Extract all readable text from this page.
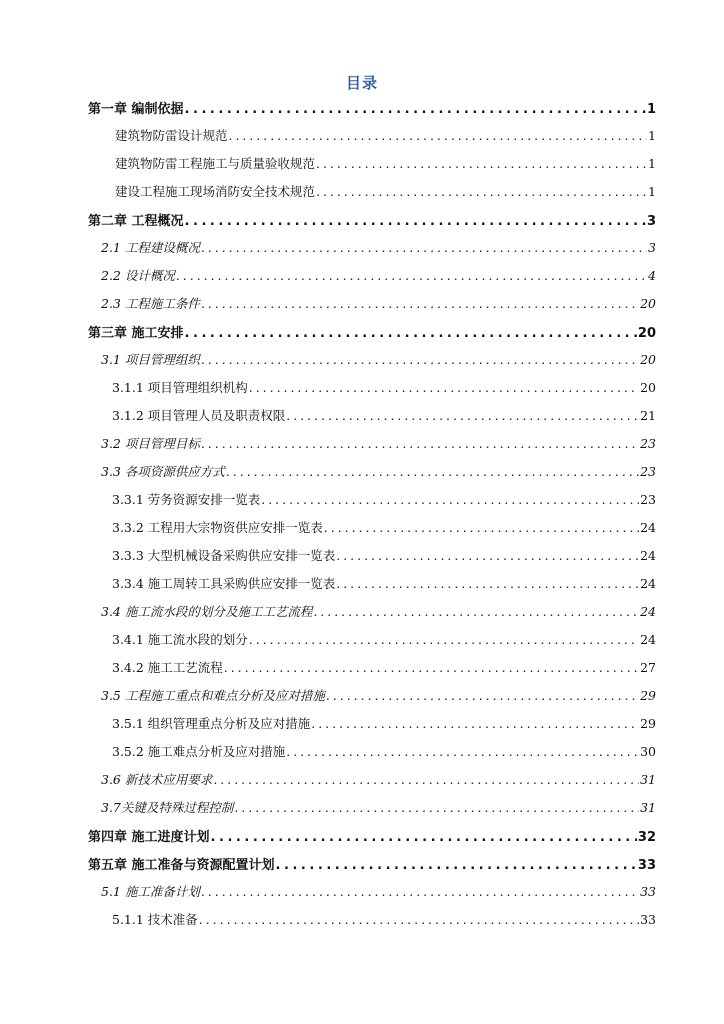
目录
第一章 编制依据 . . .	1
建筑物防雷设计规范 . . .	1
建筑物防雷工程施工与质量验收规范 . . .	1
建设工程施工现场消防安全技术规范 . . .	1
第二章 工程概况 . . .	3
2.1 工程建设概况 . . .	3
2.2 设计概况 . . .	4
2.3 工程施工条件 . . .	20
第三章 施工安排 . . .	20
3.1 项目管理组织 . . .	20
3.1.1 项目管理组织机构 . . .	20
3.1.2 项目管理人员及职责权限 . . .	21
3.2 项目管理目标 . . .	23
3.3 各项资源供应方式 . . .	23
3.3.1 劳务资源安排一览表 . . .	23
3.3.2 工程用大宗物资供应安排一览表 . . .	24
3.3.3 大型机械设备采购供应安排一览表 . . .	24
3.3.4 施工周转工具采购供应安排一览表 . . .	24
3.4 施工流水段的划分及施工工艺流程 . . .	24
3.4.1 施工流水段的划分 . . .	24
3.4.2 施工工艺流程 . . .	27
3.5 工程施工重点和难点分析及应对措施 . . .	29
3.5.1 组织管理重点分析及应对措施 . . .	29
3.5.2 施工难点分析及应对措施 . . .	30
3.6 新技术应用要求 . . .	31
3.7关键及特殊过程控制 . . .	31
第四章 施工进度计划 . . .	32
第五章 施工准备与资源配置计划 . . .	33
5.1 施工准备计划 . . .	33
5.1.1 技术准备 . . .	33
